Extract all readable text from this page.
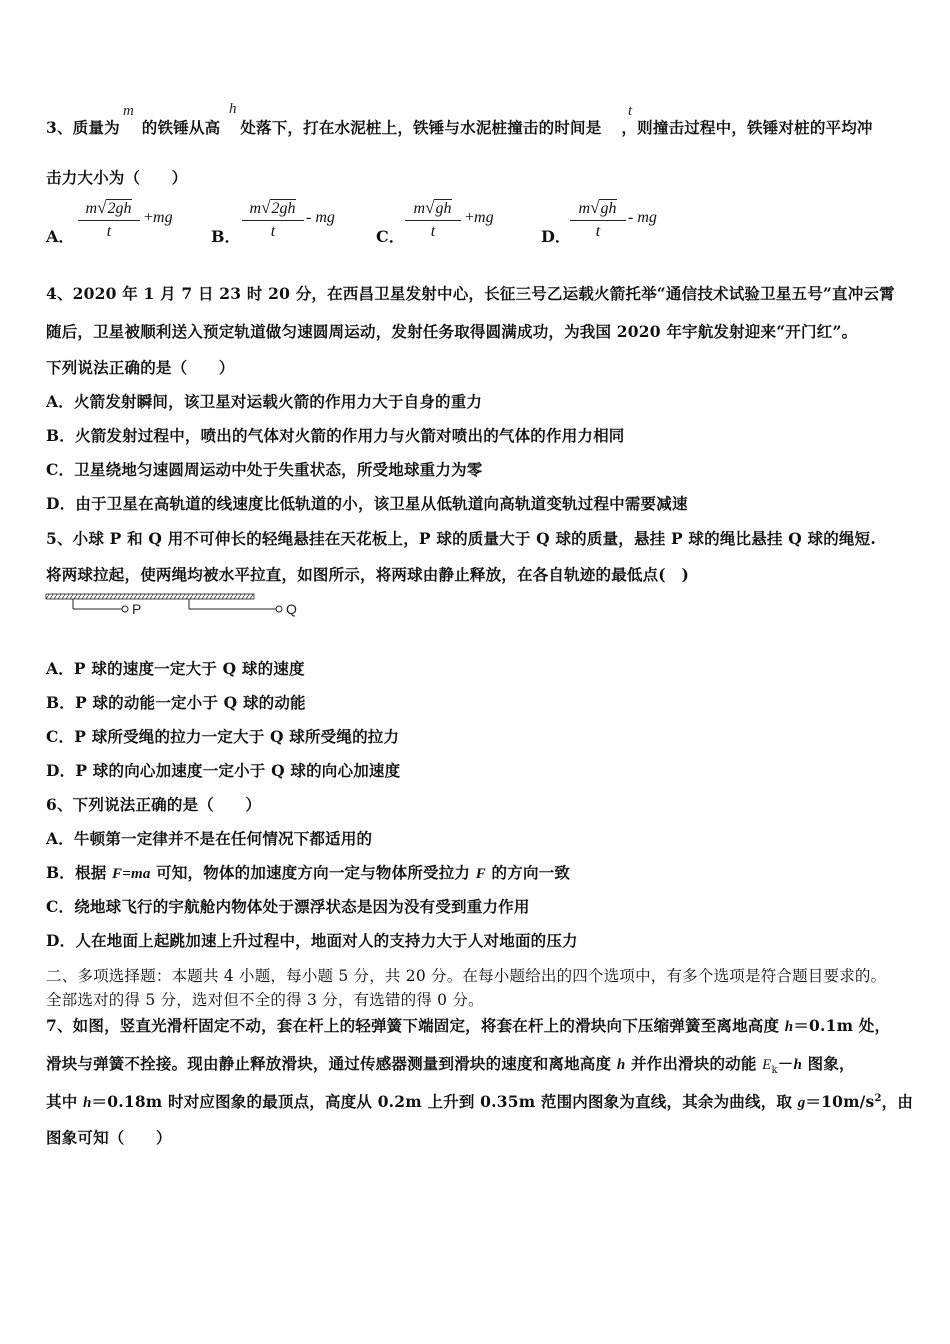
3、质量为 的铁锤从高 处落下，打在水泥桩上，铁锤与水泥桩撞击的时间是 ，则撞击过程中，铁锤对桩的平均冲
m	h	t
击力大小为（　　）
A．	B．	C．	D．
m√2gh
t
+mg
m√2gh
t
- mg
m√gh
t
+mg
m√gh
t
- mg
4、2020 年 1 月 7 日 23 时 20 分，在西昌卫星发射中心，长征三号乙运载火箭托举“通信技术试验卫星五号”直冲云霄
随后，卫星被顺利送入预定轨道做匀速圆周运动，发射任务取得圆满成功，为我国 2020 年宇航发射迎来“开门红”。
下列说法正确的是（　　）
A．火箭发射瞬间，该卫星对运载火箭的作用力大于自身的重力
B．火箭发射过程中，喷出的气体对火箭的作用力与火箭对喷出的气体的作用力相同
C．卫星绕地匀速圆周运动中处于失重状态，所受地球重力为零
D．由于卫星在高轨道的线速度比低轨道的小，该卫星从低轨道向高轨道变轨过程中需要减速
5、小球 P 和 Q 用不可伸长的轻绳悬挂在天花板上，P 球的质量大于 Q 球的质量，悬挂 P 球的绳比悬挂 Q 球的绳短.
将两球拉起，使两绳均被水平拉直，如图所示，将两球由静止释放，在各自轨迹的最低点(　)
P	Q
A．P 球的速度一定大于 Q 球的速度
B．P 球的动能一定小于 Q 球的动能
C．P 球所受绳的拉力一定大于 Q 球所受绳的拉力
D．P 球的向心加速度一定小于 Q 球的向心加速度
6、下列说法正确的是（　　）
A．牛顿第一定律并不是在任何情况下都适用的
B．根据 F=ma 可知，物体的加速度方向一定与物体所受拉力 F 的方向一致
C．绕地球飞行的宇航舱内物体处于漂浮状态是因为没有受到重力作用
D．人在地面上起跳加速上升过程中，地面对人的支持力大于人对地面的压力
二、多项选择题：本题共 4 小题，每小题 5 分，共 20 分。在每小题给出的四个选项中，有多个选项是符合题目要求的。
全部选对的得 5 分，选对但不全的得 3 分，有选错的得 0 分。
7、如图，竖直光滑杆固定不动，套在杆上的轻弹簧下端固定，将套在杆上的滑块向下压缩弹簧至离地高度 h＝0.1m 处，
滑块与弹簧不拴接。现由静止释放滑块，通过传感器测量到滑块的速度和离地高度 h 并作出滑块的动能 $E_k-h$ 图象，
其中 h＝0.18m 时对应图象的最顶点，高度从 0.2m 上升到 0.35m 范围内图象为直线，其余为曲线，取 $g=10m/s^2$，由
图象可知（　　）
